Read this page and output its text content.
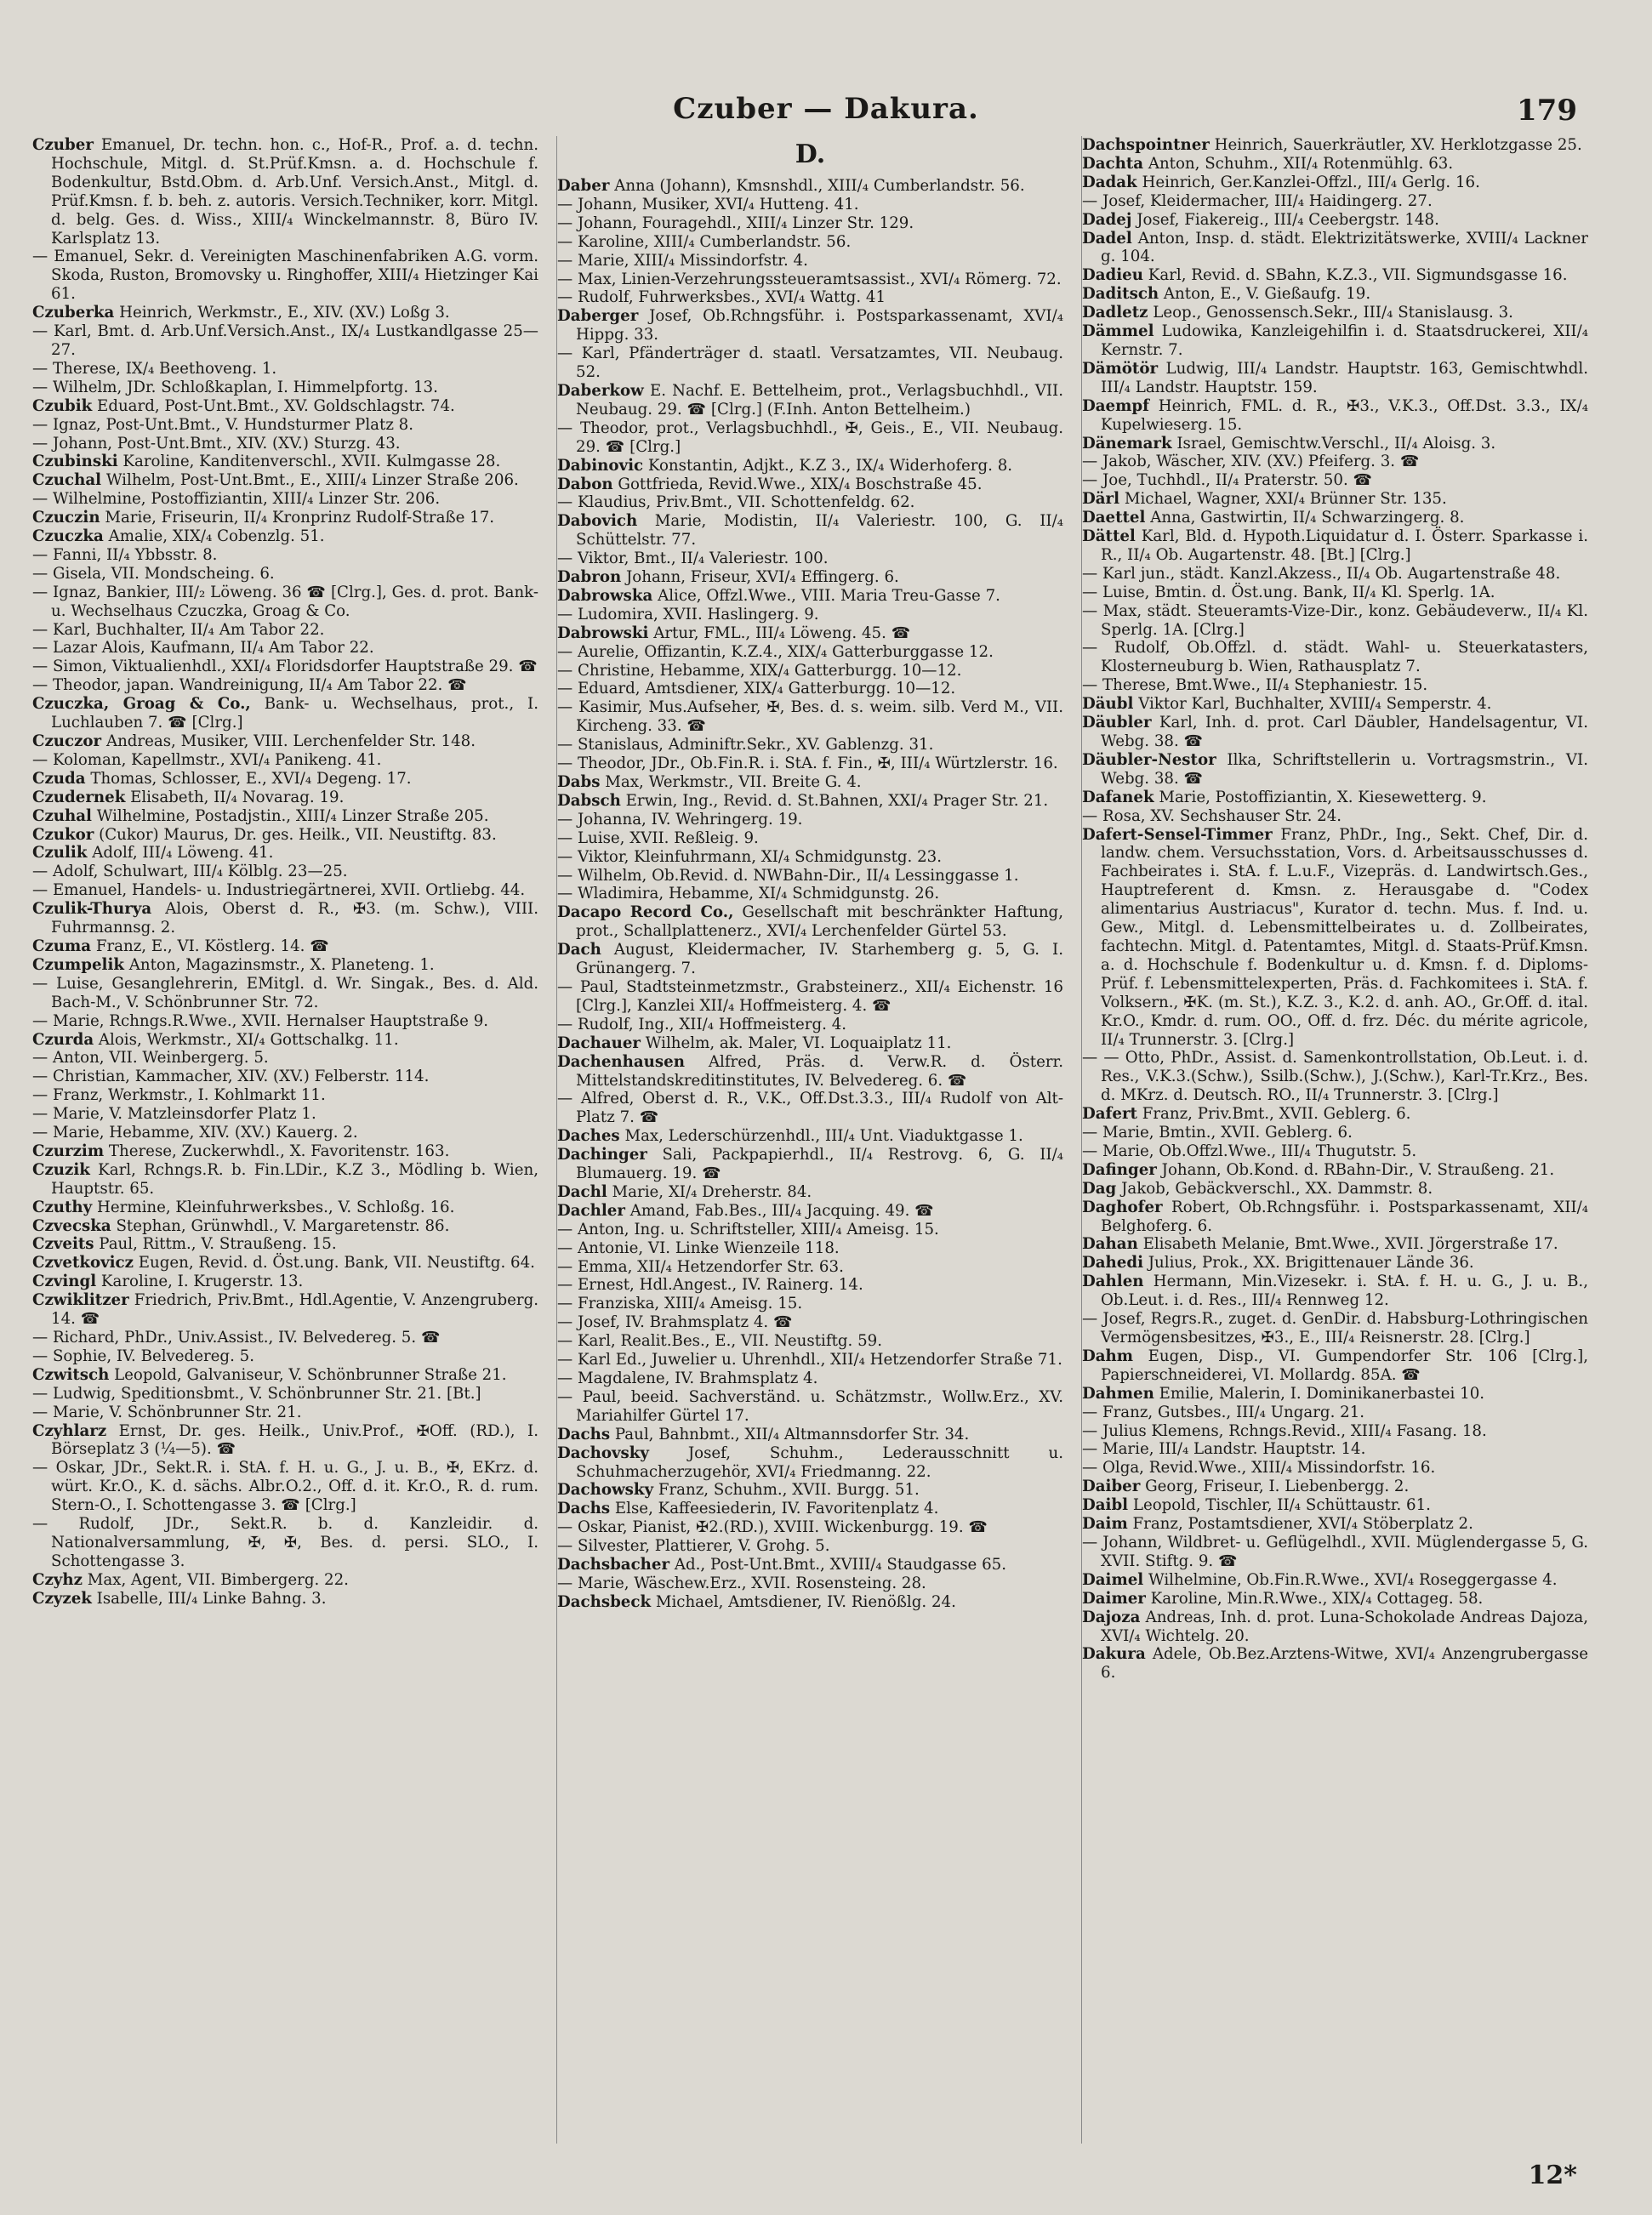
Czuber — Dakura.	179

Czuber Emanuel, Dr. techn. hon. c., Hof-R., Prof. a. d. techn. Hochschule, Mitgl. d. St.Prüf.Kmsn. a. d. Hochschule f. Bodenkultur, Bstd.Obm. d. Arb.Unf. Versich.Anst., Mitgl. d. Prüf.Kmsn. f. b. beh. z. autoris. Versich.Techniker, korr. Mitgl. d. belg. Ges. d. Wiss., XIII/₄ Winckelmannstr. 8, Büro IV. Karlsplatz 13.

— Emanuel, Sekr. d. Vereinigten Maschinenfabriken A.G. vorm. Skoda, Ruston, Bromovsky u. Ringhoffer, XIII/₄ Hietzinger Kai 61.

Czuberka Heinrich, Werkmstr., E., XIV. (XV.) Loßg 3.

— Karl, Bmt. d. Arb.Unf.Versich.Anst., IX/₄ Lustkandlgasse 25—27.

— Therese, IX/₄ Beethoveng. 1.

— Wilhelm, JDr. Schloßkaplan, I. Himmelpfortg. 13.

Czubik Eduard, Post-Unt.Bmt., XV. Goldschlagstr. 74.

— Ignaz, Post-Unt.Bmt., V. Hundsturmer Platz 8.

— Johann, Post-Unt.Bmt., XIV. (XV.) Sturzg. 43.

Czubinski Karoline, Kanditenverschl., XVII. Kulmgasse 28.

Czuchal Wilhelm, Post-Unt.Bmt., E., XIII/₄ Linzer Straße 206.

— Wilhelmine, Postoffiziantin, XIII/₄ Linzer Str. 206.

Czuczin Marie, Friseurin, II/₄ Kronprinz Rudolf-Straße 17.

Czuczka Amalie, XIX/₄ Cobenzlg. 51.

— Fanni, II/₄ Ybbsstr. 8.

— Gisela, VII. Mondscheing. 6.

— Ignaz, Bankier, III/₂ Löweng. 36 ☎ [Clrg.], Ges. d. prot. Bank- u. Wechselhaus Czuczka, Groag & Co.

— Karl, Buchhalter, II/₄ Am Tabor 22.

— Lazar Alois, Kaufmann, II/₄ Am Tabor 22.

— Simon, Viktualienhdl., XXI/₄ Floridsdorfer Hauptstraße 29. ☎

— Theodor, japan. Wandreinigung, II/₄ Am Tabor 22. ☎

Czuczka, Groag & Co., Bank- u. Wechselhaus, prot., I. Luchlauben 7. ☎ [Clrg.]

Czuczor Andreas, Musiker, VIII. Lerchenfelder Str. 148.

— Koloman, Kapellmstr., XVI/₄ Panikeng. 41.

Czuda Thomas, Schlosser, E., XVI/₄ Degeng. 17.

Czudernek Elisabeth, II/₄ Novarag. 19.

Czuhal Wilhelmine, Postadjstin., XIII/₄ Linzer Straße 205.

Czukor (Cukor) Maurus, Dr. ges. Heilk., VII. Neustiftg. 83.

Czulik Adolf, III/₄ Löweng. 41.

— Adolf, Schulwart, III/₄ Kölblg. 23—25.

— Emanuel, Handels- u. Industriegärtnerei, XVII. Ortliebg. 44.

Czulik-Thurya Alois, Oberst d. R., ✠3. (m. Schw.), VIII. Fuhrmannsg. 2.

Czuma Franz, E., VI. Köstlerg. 14. ☎

Czumpelik Anton, Magazinsmstr., X. Planeteng. 1.

— Luise, Gesanglehrerin, EMitgl. d. Wr. Singak., Bes. d. Ald. Bach-M., V. Schönbrunner Str. 72.

— Marie, Rchngs.R.Wwe., XVII. Hernalser Hauptstraße 9.

Czurda Alois, Werkmstr., XI/₄ Gottschalkg. 11.

— Anton, VII. Weinbergerg. 5.

— Christian, Kammacher, XIV. (XV.) Felberstr. 114.

— Franz, Werkmstr., I. Kohlmarkt 11.

— Marie, V. Matzleinsdorfer Platz 1.

— Marie, Hebamme, XIV. (XV.) Kauerg. 2.

Czurzim Therese, Zuckerwhdl., X. Favoritenstr. 163.

Czuzik Karl, Rchngs.R. b. Fin.LDir., K.Z 3., Mödling b. Wien, Hauptstr. 65.

Czuthy Hermine, Kleinfuhrwerksbes., V. Schloßg. 16.

Czvecska Stephan, Grünwhdl., V. Margaretenstr. 86.

Czveits Paul, Rittm., V. Straußeng. 15.

Czvetkovicz Eugen, Revid. d. Öst.ung. Bank, VII. Neustiftg. 64.

Czvingl Karoline, I. Krugerstr. 13.

Czwiklitzer Friedrich, Priv.Bmt., Hdl.Agentie, V. Anzengruberg. 14. ☎

— Richard, PhDr., Univ.Assist., IV. Belvedereg. 5. ☎

— Sophie, IV. Belvedereg. 5.

Czwitsch Leopold, Galvaniseur, V. Schönbrunner Straße 21.

— Ludwig, Speditionsbmt., V. Schönbrunner Str. 21. [Bt.]

— Marie, V. Schönbrunner Str. 21.

Czyhlarz Ernst, Dr. ges. Heilk., Univ.Prof., ✠Off. (RD.), I. Börseplatz 3 (¼—5). ☎

— Oskar, JDr., Sekt.R. i. StA. f. H. u. G., J. u. B., ✠, EKrz. d. würt. Kr.O., K. d. sächs. Albr.O.2., Off. d. it. Kr.O., R. d. rum. Stern-O., I. Schottengasse 3. ☎ [Clrg.]

— Rudolf, JDr., Sekt.R. b. d. Kanzleidir. d. Nationalversammlung, ✠, ✠, Bes. d. persi. SLO., I. Schottengasse 3.

Czyhz Max, Agent, VII. Bimbergerg. 22.

Czyzek Isabelle, III/₄ Linke Bahng. 3.

D.

Daber Anna (Johann), Kmsnshdl., XIII/₄ Cumberlandstr. 56.

— Johann, Musiker, XVI/₄ Hutteng. 41.

— Johann, Fouragehdl., XIII/₄ Linzer Str. 129.

— Karoline, XIII/₄ Cumberlandstr. 56.

— Marie, XIII/₄ Missindorfstr. 4.

— Max, Linien-Verzehrungssteueramtsassist., XVI/₄ Römerg. 72.

— Rudolf, Fuhrwerksbes., XVI/₄ Wattg. 41

Daberger Josef, Ob.Rchngsführ. i. Postsparkassenamt, XVI/₄ Hippg. 33.

— Karl, Pfänderträger d. staatl. Versatzamtes, VII. Neubaug. 52.

Daberkow E. Nachf. E. Bettelheim, prot., Verlagsbuchhdl., VII. Neubaug. 29. ☎ [Clrg.] (F.Inh. Anton Bettelheim.)

— Theodor, prot., Verlagsbuchhdl., ✠, Geis., E., VII. Neubaug. 29. ☎ [Clrg.]

Dabinovic Konstantin, Adjkt., K.Z 3., IX/₄ Widerhoferg. 8.

Dabon Gottfrieda, Revid.Wwe., XIX/₄ Boschstraße 45.

— Klaudius, Priv.Bmt., VII. Schottenfeldg. 62.

Dabovich Marie, Modistin, II/₄ Valeriestr. 100, G. II/₄ Schüttelstr. 77.

— Viktor, Bmt., II/₄ Valeriestr. 100.

Dabron Johann, Friseur, XVI/₄ Effingerg. 6.

Dabrowska Alice, Offzl.Wwe., VIII. Maria Treu-Gasse 7.

— Ludomira, XVII. Haslingerg. 9.

Dabrowski Artur, FML., III/₄ Löweng. 45. ☎

— Aurelie, Offizantin, K.Z.4., XIX/₄ Gatterburggasse 12.

— Christine, Hebamme, XIX/₄ Gatterburgg. 10—12.

— Eduard, Amtsdiener, XIX/₄ Gatterburgg. 10—12.

— Kasimir, Mus.Aufseher, ✠, Bes. d. s. weim. silb. Verd M., VII. Kircheng. 33. ☎

— Stanislaus, Adminiftr.Sekr., XV. Gablenzg. 31.

— Theodor, JDr., Ob.Fin.R. i. StA. f. Fin., ✠, III/₄ Würtzlerstr. 16.

Dabs Max, Werkmstr., VII. Breite G. 4.

Dabsch Erwin, Ing., Revid. d. St.Bahnen, XXI/₄ Prager Str. 21.

— Johanna, IV. Wehringerg. 19.

— Luise, XVII. Reßleig. 9.

— Viktor, Kleinfuhrmann, XI/₄ Schmidgunstg. 23.

— Wilhelm, Ob.Revid. d. NWBahn-Dir., II/₄ Lessinggasse 1.

— Wladimira, Hebamme, XI/₄ Schmidgunstg. 26.

Dacapo Record Co., Gesellschaft mit beschränkter Haftung, prot., Schallplattenerz., XVI/₄ Lerchenfelder Gürtel 53.

Dach August, Kleidermacher, IV. Starhemberg g. 5, G. I. Grünangerg. 7.

— Paul, Stadtsteinmetzmstr., Grabsteinerz., XII/₄ Eichenstr. 16 [Clrg.], Kanzlei XII/₄ Hoffmeisterg. 4. ☎

— Rudolf, Ing., XII/₄ Hoffmeisterg. 4.

Dachauer Wilhelm, ak. Maler, VI. Loquaiplatz 11.

Dachenhausen Alfred, Präs. d. Verw.R. d. Österr. Mittelstandskreditinstitutes, IV. Belvedereg. 6. ☎

— Alfred, Oberst d. R., V.K., Off.Dst.3.3., III/₄ Rudolf von Alt-Platz 7. ☎

Daches Max, Lederschürzenhdl., III/₄ Unt. Viaduktgasse 1.

Dachinger Sali, Packpapierhdl., II/₄ Restrovg. 6, G. II/₄ Blumauerg. 19. ☎

Dachl Marie, XI/₄ Dreherstr. 84.

Dachler Amand, Fab.Bes., III/₄ Jacquing. 49. ☎

— Anton, Ing. u. Schriftsteller, XIII/₄ Ameisg. 15.

— Antonie, VI. Linke Wienzeile 118.

— Emma, XII/₄ Hetzendorfer Str. 63.

— Ernest, Hdl.Angest., IV. Rainerg. 14.

— Franziska, XIII/₄ Ameisg. 15.

— Josef, IV. Brahmsplatz 4. ☎

— Karl, Realit.Bes., E., VII. Neustiftg. 59.

— Karl Ed., Juwelier u. Uhrenhdl., XII/₄ Hetzendorfer Straße 71.

— Magdalene, IV. Brahmsplatz 4.

— Paul, beeid. Sachverständ. u. Schätzmstr., Wollw.Erz., XV. Mariahilfer Gürtel 17.

Dachs Paul, Bahnbmt., XII/₄ Altmannsdorfer Str. 34.

Dachovsky Josef, Schuhm., Lederausschnitt u. Schuhmacherzugehör, XVI/₄ Friedmanng. 22.

Dachowsky Franz, Schuhm., XVII. Burgg. 51.

Dachs Else, Kaffeesiederin, IV. Favoritenplatz 4.

— Oskar, Pianist, ✠2.(RD.), XVIII. Wickenburgg. 19. ☎

— Silvester, Plattierer, V. Grohg. 5.

Dachsbacher Ad., Post-Unt.Bmt., XVIII/₄ Staudgasse 65.

— Marie, Wäschew.Erz., XVII. Rosensteing. 28.

Dachsbeck Michael, Amtsdiener, IV. Rienößlg. 24.

Dachspointner Heinrich, Sauerkräutler, XV. Herklotzgasse 25.

Dachta Anton, Schuhm., XII/₄ Rotenmühlg. 63.

Dadak Heinrich, Ger.Kanzlei-Offzl., III/₄ Gerlg. 16.

— Josef, Kleidermacher, III/₄ Haidingerg. 27.

Dadej Josef, Fiakereig., III/₄ Ceebergstr. 148.

Dadel Anton, Insp. d. städt. Elektrizitätswerke, XVIII/₄ Lackner g. 104.

Dadieu Karl, Revid. d. SBahn, K.Z.3., VII. Sigmundsgasse 16.

Daditsch Anton, E., V. Gießaufg. 19.

Dadletz Leop., Genossensch.Sekr., III/₄ Stanislausg. 3.

Dämmel Ludowika, Kanzleigehilfin i. d. Staatsdruckerei, XII/₄ Kernstr. 7.

Dämötör Ludwig, III/₄ Landstr. Hauptstr. 163, Gemischtwhdl. III/₄ Landstr. Hauptstr. 159.

Daempf Heinrich, FML. d. R., ✠3., V.K.3., Off.Dst. 3.3., IX/₄ Kupelwieserg. 15.

Dänemark Israel, Gemischtw.Verschl., II/₄ Aloisg. 3.

— Jakob, Wäscher, XIV. (XV.) Pfeiferg. 3. ☎

— Joe, Tuchhdl., II/₄ Praterstr. 50. ☎

Därl Michael, Wagner, XXI/₄ Brünner Str. 135.

Daettel Anna, Gastwirtin, II/₄ Schwarzingerg. 8.

Dättel Karl, Bld. d. Hypoth.Liquidatur d. I. Österr. Sparkasse i. R., II/₄ Ob. Augartenstr. 48. [Bt.] [Clrg.]

— Karl jun., städt. Kanzl.Akzess., II/₄ Ob. Augartenstraße 48.

— Luise, Bmtin. d. Öst.ung. Bank, II/₄ Kl. Sperlg. 1A.

— Max, städt. Steueramts-Vize-Dir., konz. Gebäudeverw., II/₄ Kl. Sperlg. 1A. [Clrg.]

— Rudolf, Ob.Offzl. d. städt. Wahl- u. Steuerkatasters, Klosterneuburg b. Wien, Rathausplatz 7.

— Therese, Bmt.Wwe., II/₄ Stephaniestr. 15.

Däubl Viktor Karl, Buchhalter, XVIII/₄ Semperstr. 4.

Däubler Karl, Inh. d. prot. Carl Däubler, Handelsagentur, VI. Webg. 38. ☎

Däubler-Nestor Ilka, Schriftstellerin u. Vortragsmstrin., VI. Webg. 38. ☎

Dafanek Marie, Postoffiziantin, X. Kiesewetterg. 9.

— Rosa, XV. Sechshauser Str. 24.

Dafert-Sensel-Timmer Franz, PhDr., Ing., Sekt. Chef, Dir. d. landw. chem. Versuchsstation, Vors. d. Arbeitsausschusses d. Fachbeirates i. StA. f. L.u.F., Vizepräs. d. Landwirtsch.Ges., Hauptreferent d. Kmsn. z. Herausgabe d. "Codex alimentarius Austriacus", Kurator d. techn. Mus. f. Ind. u. Gew., Mitgl. d. Lebensmittelbeirates u. d. Zollbeirates, fachtechn. Mitgl. d. Patentamtes, Mitgl. d. Staats-Prüf.Kmsn. a. d. Hochschule f. Bodenkultur u. d. Kmsn. f. d. Diploms-Prüf. f. Lebensmittelexperten, Präs. d. Fachkomitees i. StA. f. Volksern., ✠K. (m. St.), K.Z. 3., K.2. d. anh. AO., Gr.Off. d. ital. Kr.O., Kmdr. d. rum. OO., Off. d. frz. Déc. du mérite agricole, II/₄ Trunnerstr. 3. [Clrg.]

— — Otto, PhDr., Assist. d. Samenkontrollstation, Ob.Leut. i. d. Res., V.K.3.(Schw.), Ssilb.(Schw.), J.(Schw.), Karl-Tr.Krz., Bes. d. MKrz. d. Deutsch. RO., II/₄ Trunnerstr. 3. [Clrg.]

Dafert Franz, Priv.Bmt., XVII. Geblerg. 6.

— Marie, Bmtin., XVII. Geblerg. 6.

— Marie, Ob.Offzl.Wwe., III/₄ Thugutstr. 5.

Dafinger Johann, Ob.Kond. d. RBahn-Dir., V. Straußeng. 21.

Dag Jakob, Gebäckverschl., XX. Dammstr. 8.

Daghofer Robert, Ob.Rchngsführ. i. Postsparkassenamt, XII/₄ Belghoferg. 6.

Dahan Elisabeth Melanie, Bmt.Wwe., XVII. Jörgerstraße 17.

Dahedi Julius, Prok., XX. Brigittenauer Lände 36.

Dahlen Hermann, Min.Vizesekr. i. StA. f. H. u. G., J. u. B., Ob.Leut. i. d. Res., III/₄ Rennweg 12.

— Josef, Regrs.R., zuget. d. GenDir. d. Habsburg-Lothringischen Vermögensbesitzes, ✠3., E., III/₄ Reisnerstr. 28. [Clrg.]

Dahm Eugen, Disp., VI. Gumpendorfer Str. 106 [Clrg.], Papierschneiderei, VI. Mollardg. 85A. ☎

Dahmen Emilie, Malerin, I. Dominikanerbastei 10.

— Franz, Gutsbes., III/₄ Ungarg. 21.

— Julius Klemens, Rchngs.Revid., XIII/₄ Fasang. 18.

— Marie, III/₄ Landstr. Hauptstr. 14.

— Olga, Revid.Wwe., XIII/₄ Missindorfstr. 16.

Daiber Georg, Friseur, I. Liebenbergg. 2.

Daibl Leopold, Tischler, II/₄ Schüttaustr. 61.

Daim Franz, Postamtsdiener, XVI/₄ Stöberplatz 2.

— Johann, Wildbret- u. Geflügelhdl., XVII. Müglendergasse 5, G. XVII. Stiftg. 9. ☎

Daimel Wilhelmine, Ob.Fin.R.Wwe., XVI/₄ Roseggergasse 4.

Daimer Karoline, Min.R.Wwe., XIX/₄ Cottageg. 58.

Dajoza Andreas, Inh. d. prot. Luna-Schokolade Andreas Dajoza, XVI/₄ Wichtelg. 20.

Dakura Adele, Ob.Bez.Arztens-Witwe, XVI/₄ Anzengrubergasse 6.

12*
